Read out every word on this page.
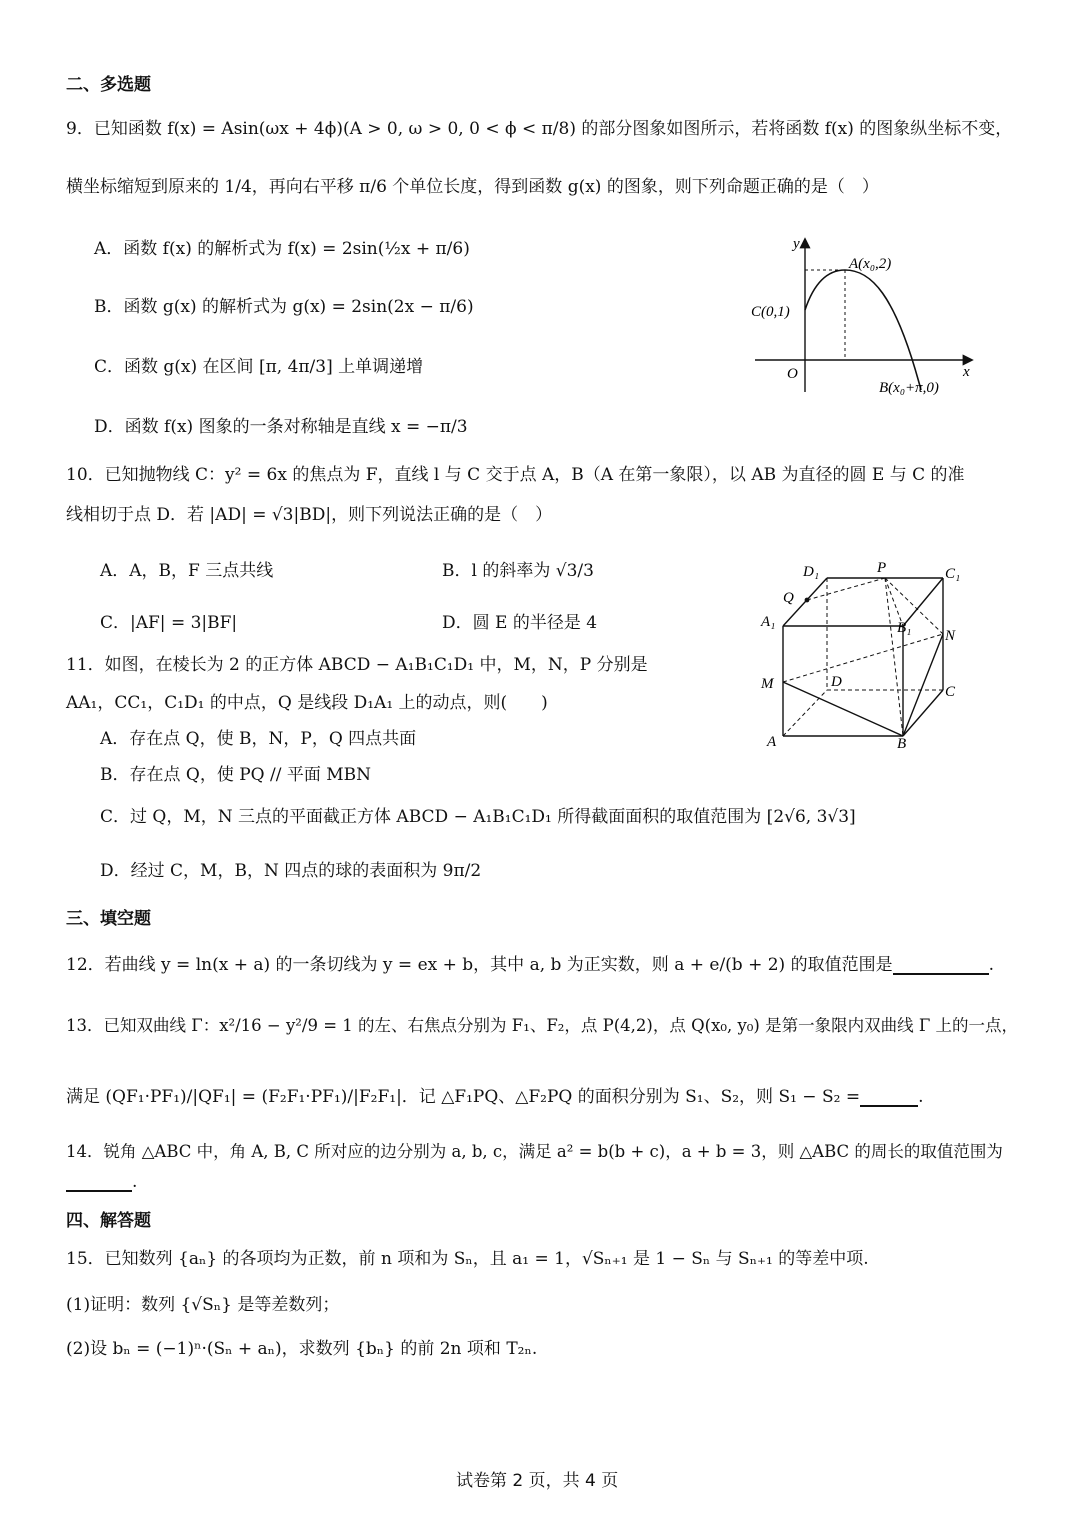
二、多选题
9．已知函数 f(x) = Asin(ωx + 4ϕ)(A > 0, ω > 0, 0 < ϕ < π/8) 的部分图象如图所示，若将函数 f(x) 的图象纵坐标不变，
横坐标缩短到原来的 1/4，再向右平移 π/6 个单位长度，得到函数 g(x) 的图象，则下列命题正确的是（　）
A．函数 f(x) 的解析式为 f(x) = 2sin(½x + π/6)
B．函数 g(x) 的解析式为 g(x) = 2sin(2x − π/6)
C．函数 g(x) 在区间 [π, 4π/3] 上单调递增
D．函数 f(x) 图象的一条对称轴是直线 x = −π/3
y
x
O
A(x₀,2)
C(0,1)
B(x₀+π,0)
10．已知抛物线 C：y² = 6x 的焦点为 F，直线 l 与 C 交于点 A，B（A 在第一象限），以 AB 为直径的圆 E 与 C 的准
线相切于点 D．若 |AD| = √3|BD|，则下列说法正确的是（　）
A．A，B，F 三点共线	B．l 的斜率为 √3/3
C．|AF| = 3|BF|	D．圆 E 的半径是 4
11．如图，在棱长为 2 的正方体 ABCD − A₁B₁C₁D₁ 中，M，N，P 分别是
AA₁，CC₁，C₁D₁ 的中点，Q 是线段 D₁A₁ 上的动点，则(　　)
A．存在点 Q，使 B，N，P，Q 四点共面
B．存在点 Q，使 PQ // 平面 MBN
C．过 Q，M，N 三点的平面截正方体 ABCD − A₁B₁C₁D₁ 所得截面面积的取值范围为 [2√6, 3√3]
D．经过 C，M，B，N 四点的球的表面积为 9π/2
D₁	P	C₁
Q
A₁	B₁ N
M	D
C
A	B
三、填空题
12．若曲线 y = ln(x + a) 的一条切线为 y = ex + b，其中 a, b 为正实数，则 a + e/(b + 2) 的取值范围是	.
13．已知双曲线 Γ：x²/16 − y²/9 = 1 的左、右焦点分别为 F₁、F₂，点 P(4,2)，点 Q(x₀, y₀) 是第一象限内双曲线 Γ 上的一点，
满足 (QF₁·PF₁)/|QF₁| = (F₂F₁·PF₁)/|F₂F₁|．记 △F₁PQ、△F₂PQ 的面积分别为 S₁、S₂，则 S₁ − S₂ =	.
14．锐角 △ABC 中，角 A, B, C 所对应的边分别为 a, b, c，满足 a² = b(b + c)，a + b = 3，则 △ABC 的周长的取值范围为
.
四、解答题
15．已知数列 {aₙ} 的各项均为正数，前 n 项和为 Sₙ，且 a₁ = 1，√Sₙ₊₁ 是 1 − Sₙ 与 Sₙ₊₁ 的等差中项.
(1)证明：数列 {√Sₙ} 是等差数列；
(2)设 bₙ = (−1)ⁿ·(Sₙ + aₙ)，求数列 {bₙ} 的前 2n 项和 T₂ₙ.
试卷第 2 页，共 4 页
